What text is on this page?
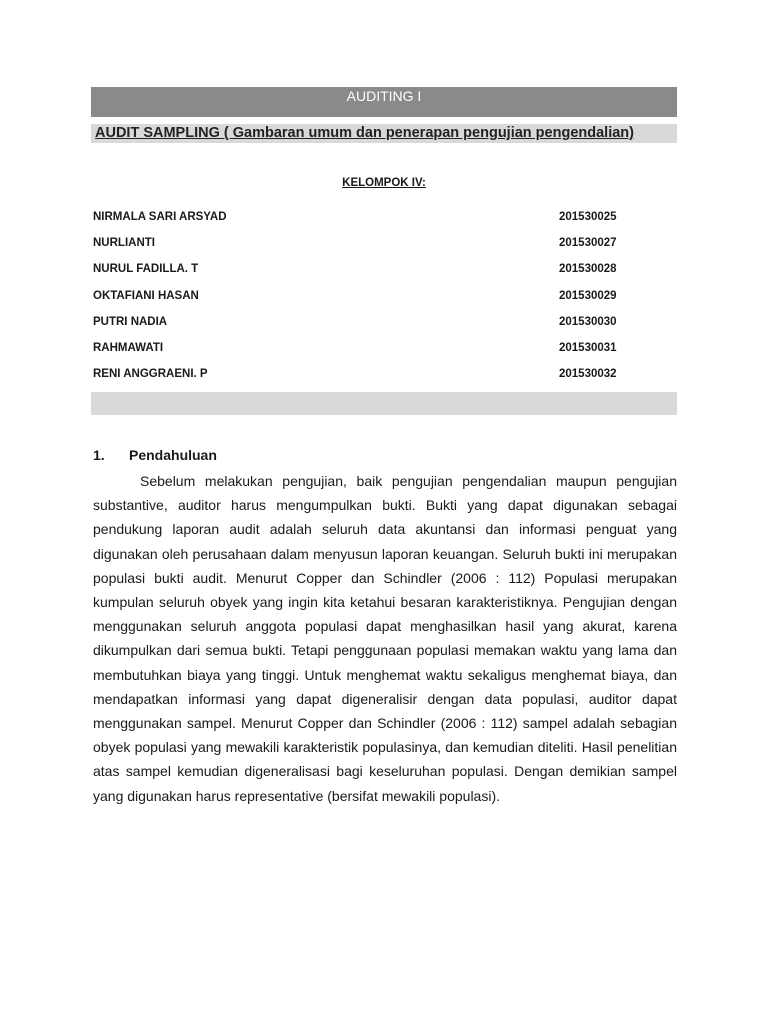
AUDITING I
AUDIT SAMPLING ( Gambaran umum dan penerapan pengujian pengendalian)
KELOMPOK IV:
NIRMALA SARI ARSYAD	201530025
NURLIANTI	201530027
NURUL FADILLA. T	201530028
OKTAFIANI HASAN	201530029
PUTRI NADIA	201530030
RAHMAWATI	201530031
RENI ANGGRAENI. P	201530032
1.	Pendahuluan

Sebelum melakukan pengujian, baik pengujian pengendalian maupun pengujian substantive, auditor harus mengumpulkan bukti. Bukti yang dapat digunakan sebagai pendukung laporan audit adalah seluruh data akuntansi dan informasi penguat yang digunakan oleh perusahaan dalam menyusun laporan keuangan. Seluruh bukti ini merupakan populasi bukti audit. Menurut Copper dan Schindler (2006 : 112) Populasi merupakan kumpulan seluruh obyek yang ingin kita ketahui besaran karakteristiknya. Pengujian dengan menggunakan seluruh anggota populasi dapat menghasilkan hasil yang akurat, karena dikumpulkan dari semua bukti. Tetapi penggunaan populasi memakan waktu yang lama dan membutuhkan biaya yang tinggi. Untuk menghemat waktu sekaligus menghemat biaya, dan mendapatkan informasi yang dapat digeneralisir dengan data populasi, auditor dapat menggunakan sampel. Menurut Copper dan Schindler (2006 : 112) sampel adalah sebagian obyek populasi yang mewakili karakteristik populasinya, dan kemudian diteliti. Hasil penelitian atas sampel kemudian digeneralisasi bagi keseluruhan populasi. Dengan demikian sampel yang digunakan harus representative (bersifat mewakili populasi).
